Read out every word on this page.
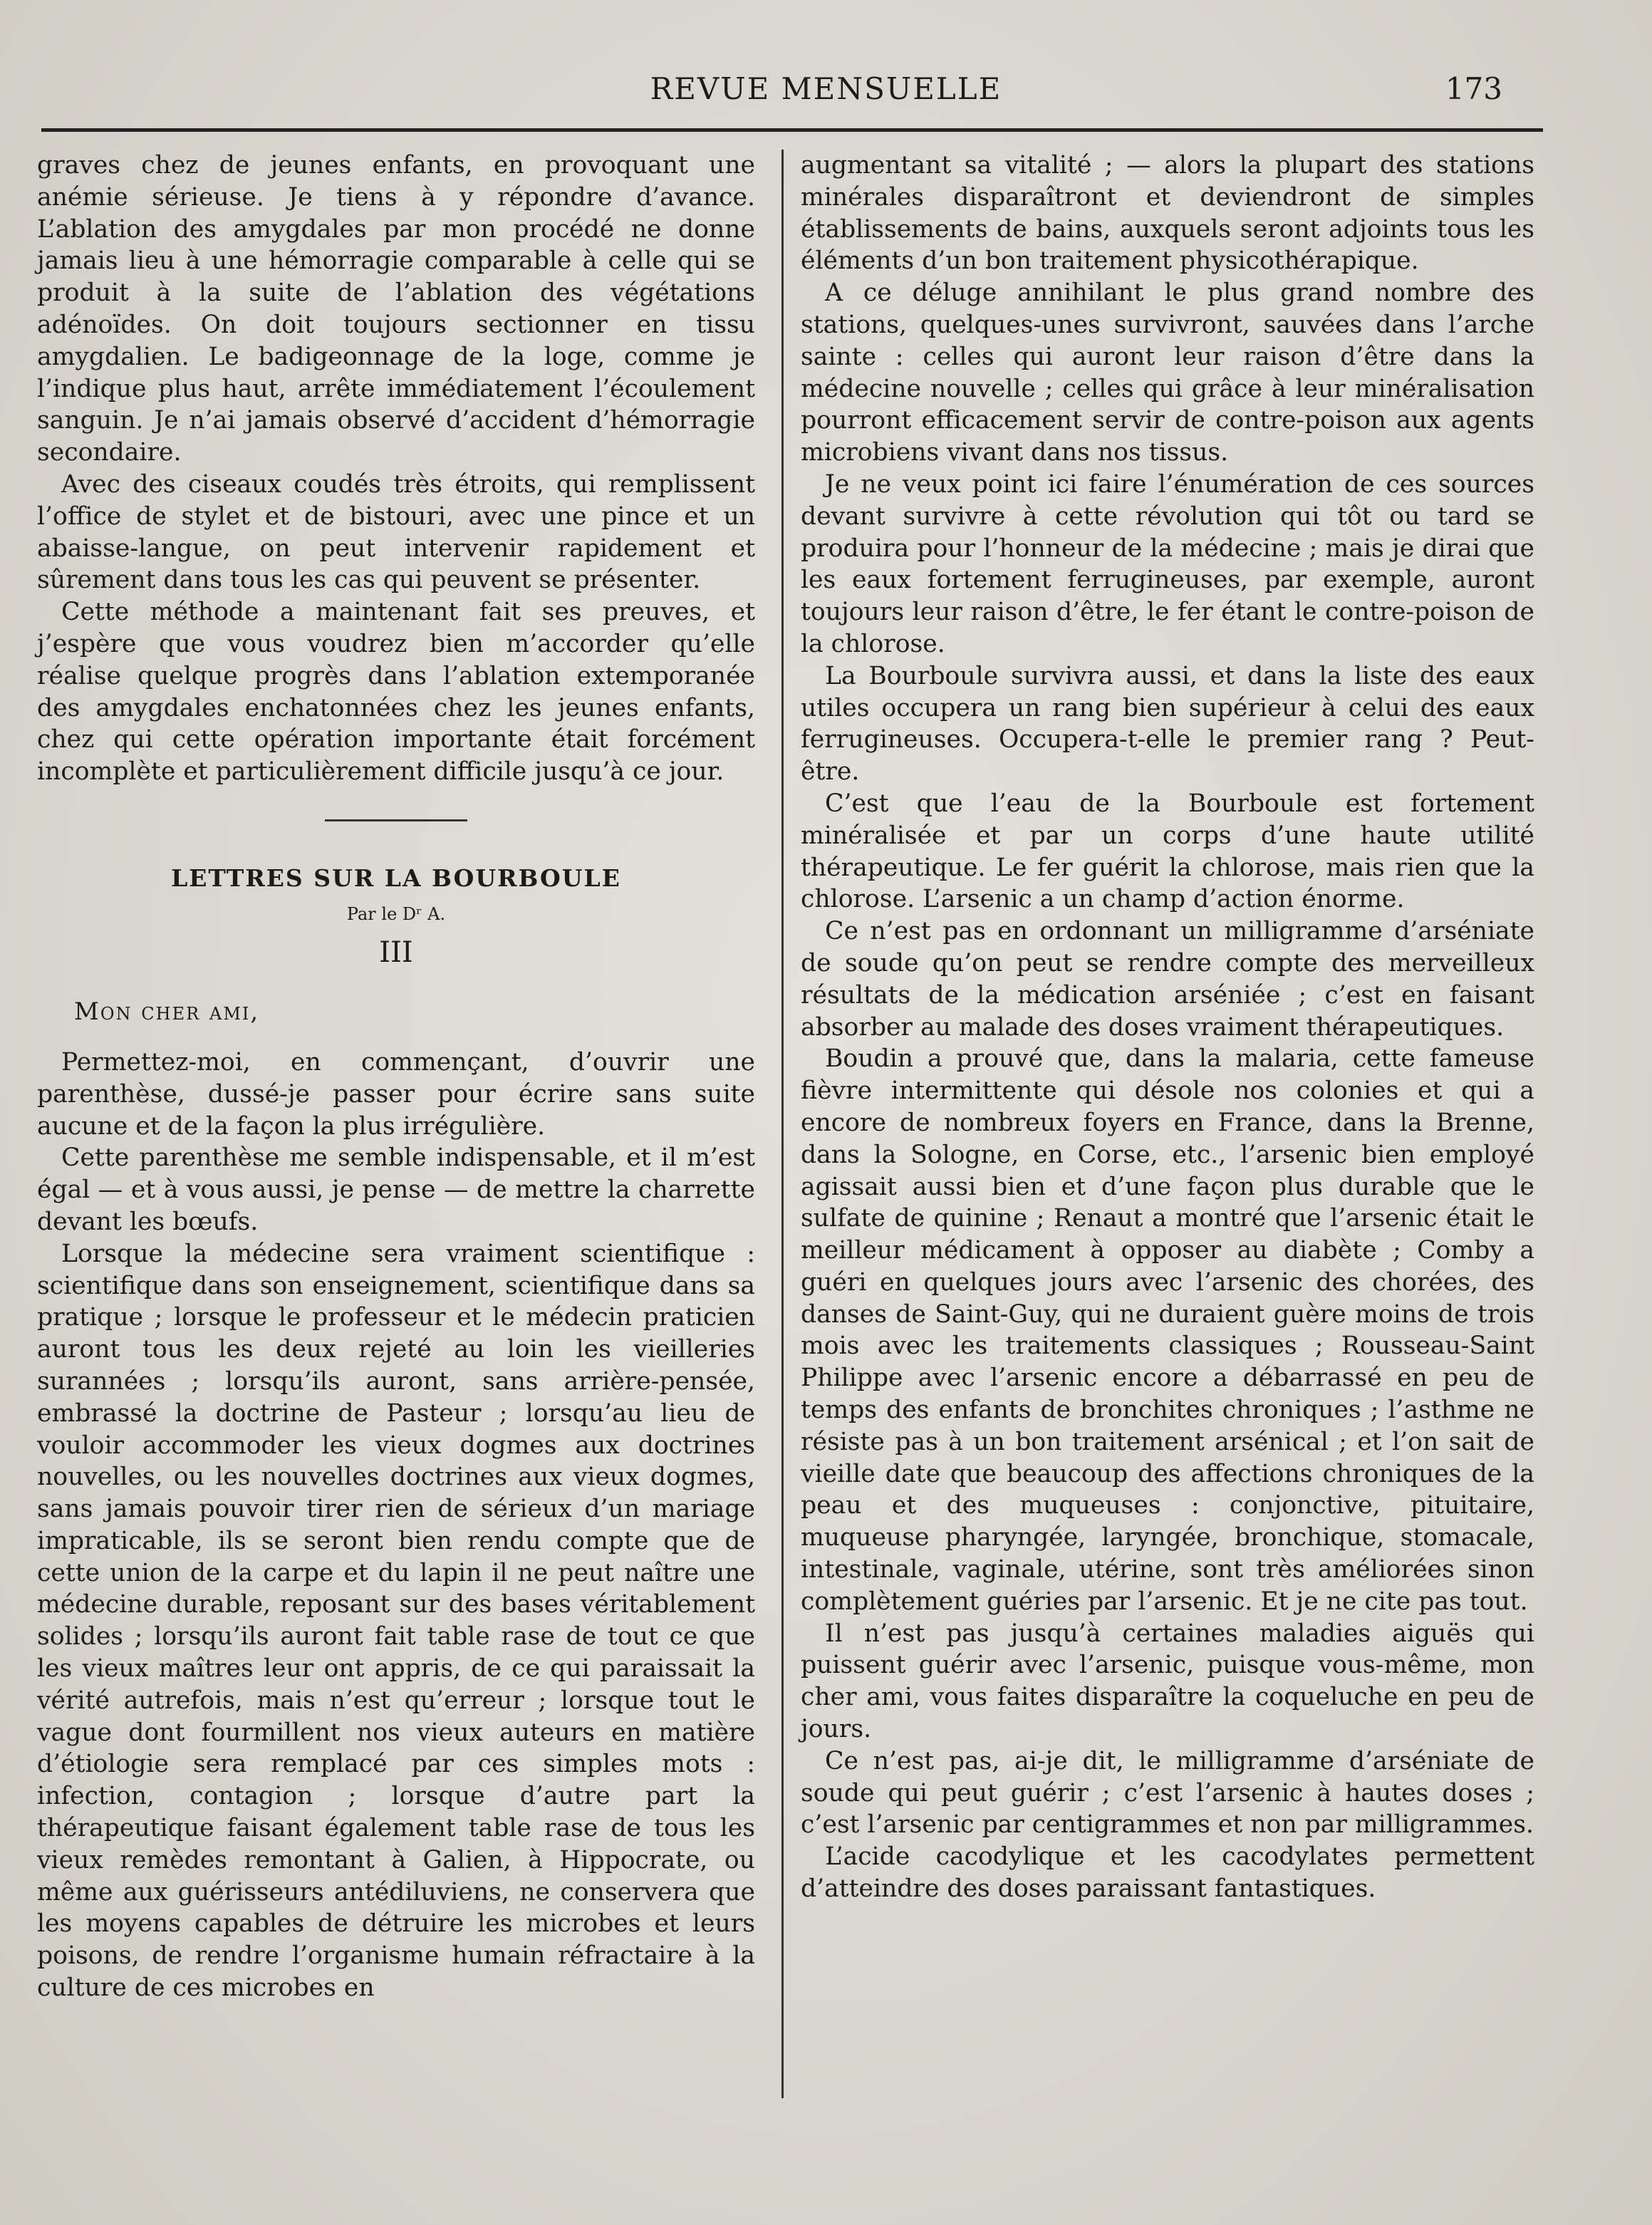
REVUE MENSUELLE	173

graves chez de jeunes enfants, en provoquant une anémie sérieuse. Je tiens à y répondre d’avance. L’ablation des amygdales par mon procédé ne donne jamais lieu à une hémorragie comparable à celle qui se produit à la suite de l’ablation des végétations adénoïdes. On doit toujours sectionner en tissu amygdalien. Le badigeonnage de la loge, comme je l’indique plus haut, arrête immédiatement l’écoulement sanguin. Je n’ai jamais observé d’accident d’hémorragie secondaire.

Avec des ciseaux coudés très étroits, qui remplissent l’office de stylet et de bistouri, avec une pince et un abaisse-langue, on peut intervenir rapidement et sûrement dans tous les cas qui peuvent se présenter.

Cette méthode a maintenant fait ses preuves, et j’espère que vous voudrez bien m’accorder qu’elle réalise quelque progrès dans l’ablation extemporanée des amygdales enchatonnées chez les jeunes enfants, chez qui cette opération importante était forcément incomplète et particulièrement difficile jusqu’à ce jour.

LETTRES SUR LA BOURBOULE
Par le Dʳ A.
III
Mon cher ami,

Permettez-moi, en commençant, d’ouvrir une parenthèse, dussé-je passer pour écrire sans suite aucune et de la façon la plus irrégulière.

Cette parenthèse me semble indispensable, et il m’est égal — et à vous aussi, je pense — de mettre la charrette devant les bœufs.

Lorsque la médecine sera vraiment scientifique : scientifique dans son enseignement, scientifique dans sa pratique ; lorsque le professeur et le médecin praticien auront tous les deux rejeté au loin les vieilleries surannées ; lorsqu’ils auront, sans arrière-pensée, embrassé la doctrine de Pasteur ; lorsqu’au lieu de vouloir accommoder les vieux dogmes aux doctrines nouvelles, ou les nouvelles doctrines aux vieux dogmes, sans jamais pouvoir tirer rien de sérieux d’un mariage impraticable, ils se seront bien rendu compte que de cette union de la carpe et du lapin il ne peut naître une médecine durable, reposant sur des bases véritablement solides ; lorsqu’ils auront fait table rase de tout ce que les vieux maîtres leur ont appris, de ce qui paraissait la vérité autrefois, mais n’est qu’erreur ; lorsque tout le vague dont fourmillent nos vieux auteurs en matière d’étiologie sera remplacé par ces simples mots : infection, contagion ; lorsque d’autre part la thérapeutique faisant également table rase de tous les vieux remèdes remontant à Galien, à Hippocrate, ou même aux guérisseurs antédiluviens, ne conservera que les moyens capables de détruire les microbes et leurs poisons, de rendre l’organisme humain réfractaire à la culture de ces microbes en

augmentant sa vitalité ; — alors la plupart des stations minérales disparaîtront et deviendront de simples établissements de bains, auxquels seront adjoints tous les éléments d’un bon traitement physicothérapique.

A ce déluge annihilant le plus grand nombre des stations, quelques-unes survivront, sauvées dans l’arche sainte : celles qui auront leur raison d’être dans la médecine nouvelle ; celles qui grâce à leur minéralisation pourront efficacement servir de contre-poison aux agents microbiens vivant dans nos tissus.

Je ne veux point ici faire l’énumération de ces sources devant survivre à cette révolution qui tôt ou tard se produira pour l’honneur de la médecine ; mais je dirai que les eaux fortement ferrugineuses, par exemple, auront toujours leur raison d’être, le fer étant le contre-poison de la chlorose.

La Bourboule survivra aussi, et dans la liste des eaux utiles occupera un rang bien supérieur à celui des eaux ferrugineuses. Occupera-t-elle le premier rang ? Peut-être.

C’est que l’eau de la Bourboule est fortement minéralisée et par un corps d’une haute utilité thérapeutique. Le fer guérit la chlorose, mais rien que la chlorose. L’arsenic a un champ d’action énorme.

Ce n’est pas en ordonnant un milligramme d’arséniate de soude qu’on peut se rendre compte des merveilleux résultats de la médication arséniée ; c’est en faisant absorber au malade des doses vraiment thérapeutiques.

Boudin a prouvé que, dans la malaria, cette fameuse fièvre intermittente qui désole nos colonies et qui a encore de nombreux foyers en France, dans la Brenne, dans la Sologne, en Corse, etc., l’arsenic bien employé agissait aussi bien et d’une façon plus durable que le sulfate de quinine ; Renaut a montré que l’arsenic était le meilleur médicament à opposer au diabète ; Comby a guéri en quelques jours avec l’arsenic des chorées, des danses de Saint-Guy, qui ne duraient guère moins de trois mois avec les traitements classiques ; Rousseau-Saint Philippe avec l’arsenic encore a débarrassé en peu de temps des enfants de bronchites chroniques ; l’asthme ne résiste pas à un bon traitement arsénical ; et l’on sait de vieille date que beaucoup des affections chroniques de la peau et des muqueuses : conjonctive, pituitaire, muqueuse pharyngée, laryngée, bronchique, stomacale, intestinale, vaginale, utérine, sont très améliorées sinon complètement guéries par l’arsenic. Et je ne cite pas tout.

Il n’est pas jusqu’à certaines maladies aiguës qui puissent guérir avec l’arsenic, puisque vous-même, mon cher ami, vous faites disparaître la coqueluche en peu de jours.

Ce n’est pas, ai-je dit, le milligramme d’arséniate de soude qui peut guérir ; c’est l’arsenic à hautes doses ; c’est l’arsenic par centigrammes et non par milligrammes.

L’acide cacodylique et les cacodylates permettent d’atteindre des doses paraissant fantastiques.
